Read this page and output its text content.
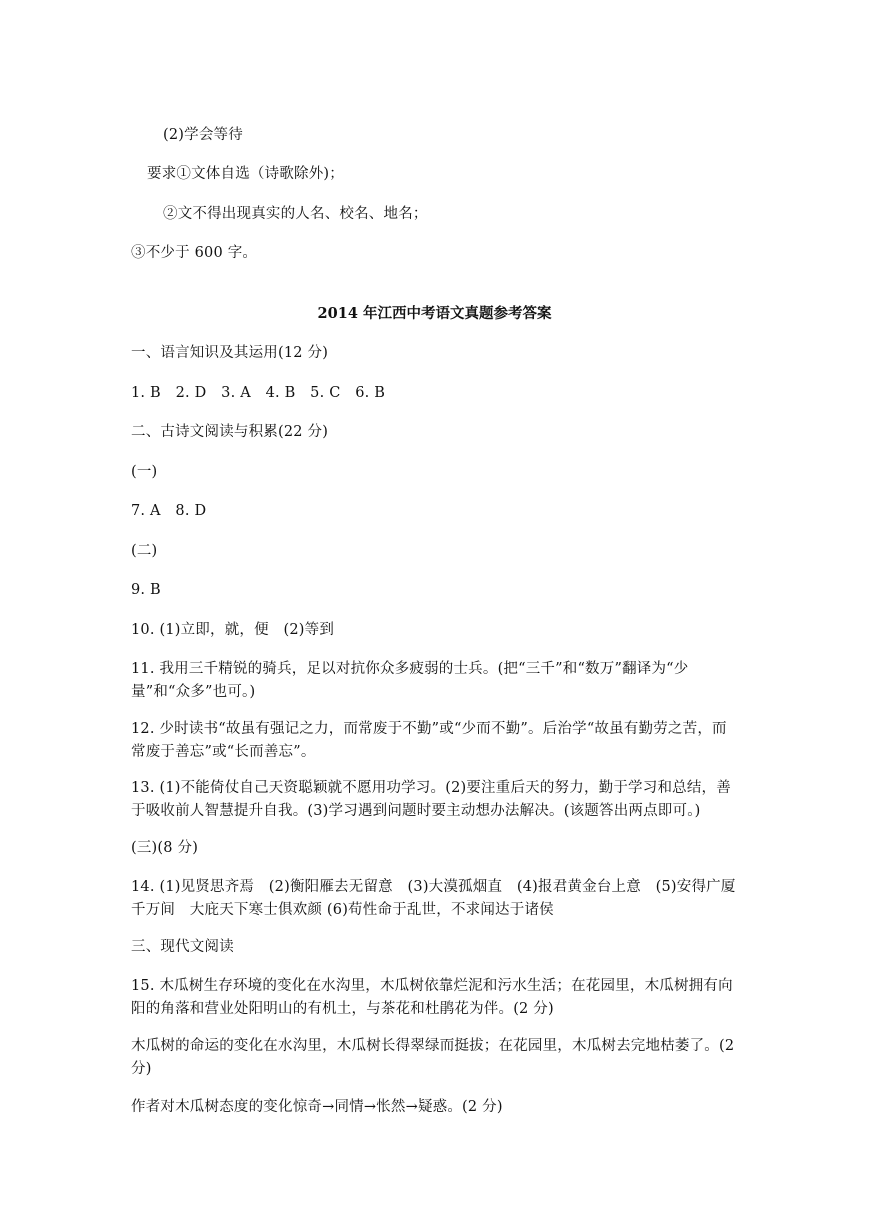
(2)学会等待
要求①文体自选（诗歌除外)；
②文不得出现真实的人名、校名、地名；
③不少于 600 字。
2014 年江西中考语文真题参考答案
一、语言知识及其运用(12 分)
1. B　2. D　3. A　4. B　5. C　6. B
二、古诗文阅读与积累(22 分)
(一)
7. A　8. D
(二)
9. B
10. (1)立即，就，便　(2)等到
11. 我用三千精锐的骑兵，足以对抗你众多疲弱的士兵。(把“三千”和“数万”翻译为“少量”和“众多”也可。)
12. 少时读书“故虽有强记之力，而常废于不勤”或“少而不勤”。后治学“故虽有勤劳之苦，而常废于善忘”或“长而善忘”。
13. (1)不能倚仗自己天资聪颖就不愿用功学习。(2)要注重后天的努力，勤于学习和总结，善于吸收前人智慧提升自我。(3)学习遇到问题时要主动想办法解决。(该题答出两点即可。)
(三)(8 分)
14. (1)见贤思齐焉　(2)衡阳雁去无留意　(3)大漠孤烟直　(4)报君黄金台上意　(5)安得广厦千万间　大庇天下寒士俱欢颜 (6)苟性命于乱世，不求闻达于诸侯
三、现代文阅读
15. 木瓜树生存环境的变化在水沟里，木瓜树依靠烂泥和污水生活；在花园里，木瓜树拥有向阳的角落和营业处阳明山的有机土，与茶花和杜鹃花为伴。(2 分)
木瓜树的命运的变化在水沟里，木瓜树长得翠绿而挺拔；在花园里，木瓜树去完地枯萎了。(2 分)
作者对木瓜树态度的变化惊奇→同情→怅然→疑惑。(2 分)
